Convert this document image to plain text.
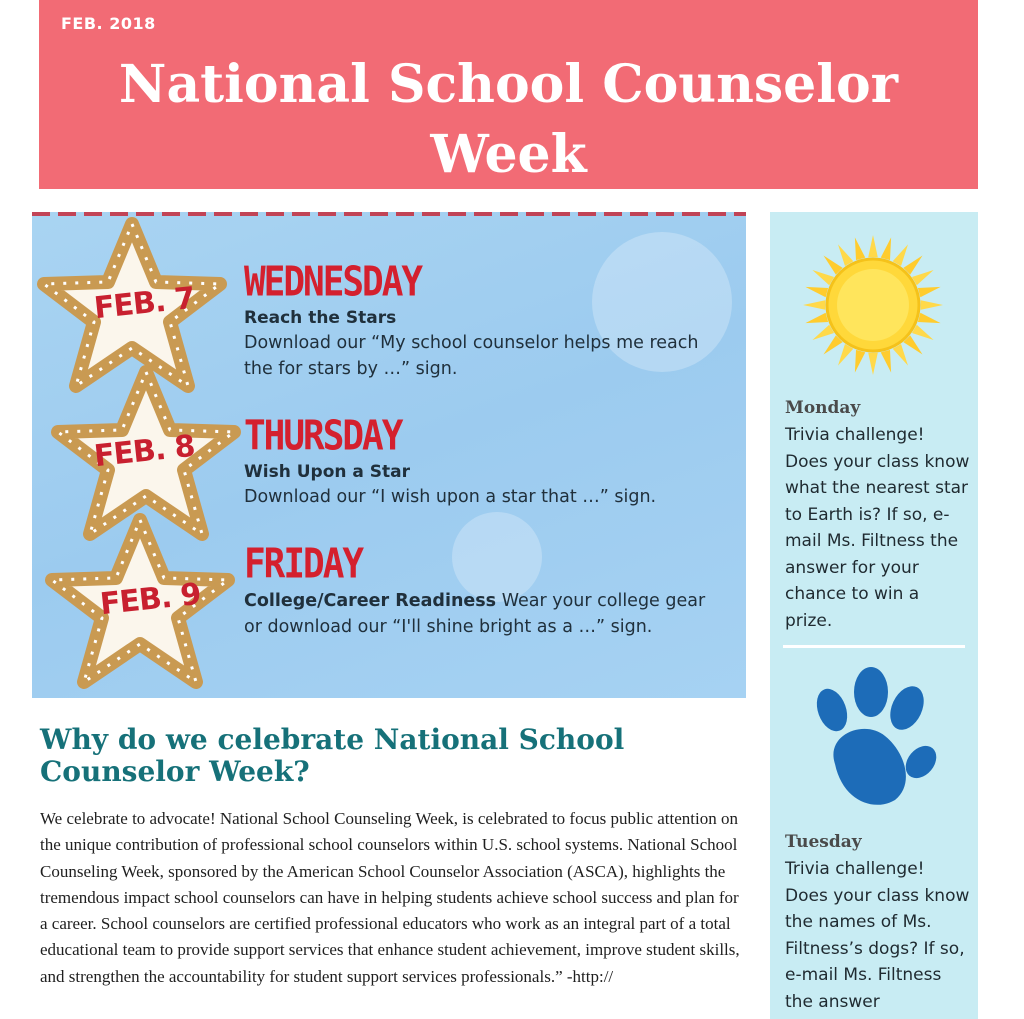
FEB. 2018
National School Counselor Week
FEB. 7
FEB. 8
FEB. 9
WEDNESDAY
Reach the Stars
Download our “My school counselor helps me reach the for stars by …” sign.
THURSDAY
Wish Upon a Star
Download our “I wish upon a star that …” sign.
FRIDAY
College/Career Readiness Wear your college gear or download our “I'll shine bright as a …” sign.
Why do we celebrate National School Counselor Week?
We celebrate to advocate! National School Counseling Week, is celebrated to focus public attention on the unique contribution of professional school counselors within U.S. school systems. National School Counseling Week, sponsored by the American School Counselor Association (ASCA), highlights the tremendous impact school counselors can have in helping students achieve school success and plan for a career. School counselors are certified professional educators who work as an integral part of a total educational team to provide support services that enhance student achievement, improve student skills, and strengthen the accountability for student support services professionals.” -http://
Monday
Trivia challenge! Does your class know what the nearest star to Earth is? If so, e-mail Ms. Filtness the answer for your chance to win a prize.
Tuesday
Trivia challenge! Does your class know the names of Ms. Filtness’s dogs? If so, e-mail Ms. Filtness the answer
